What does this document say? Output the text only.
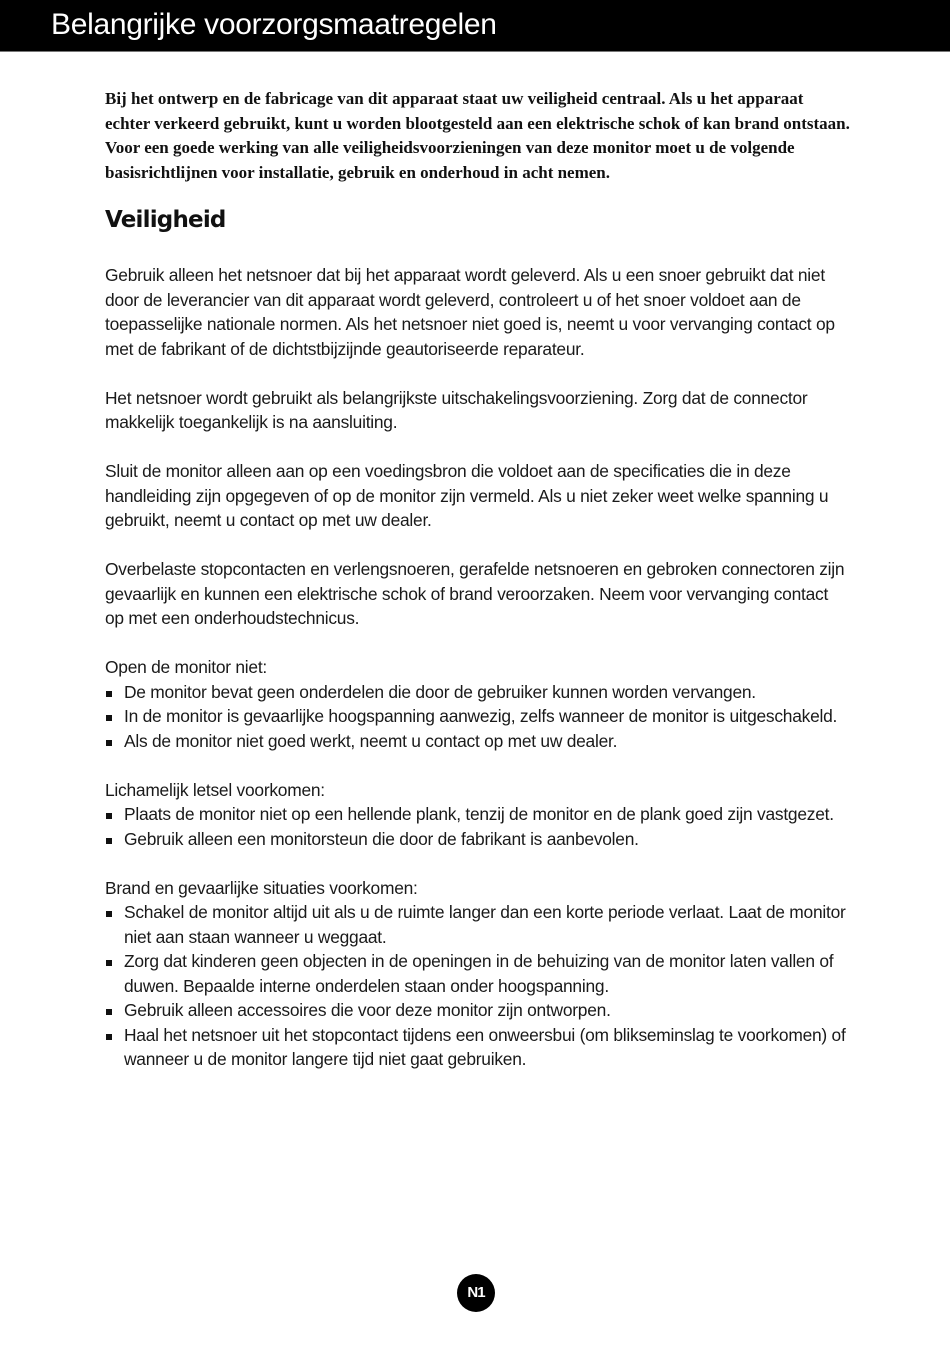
Belangrijke voorzorgsmaatregelen

Bij het ontwerp en de fabricage van dit apparaat staat uw veiligheid centraal. Als u het apparaat echter verkeerd gebruikt, kunt u worden blootgesteld aan een elektrische schok of kan brand ontstaan. Voor een goede werking van alle veiligheidsvoorzieningen van deze monitor moet u de volgende basisrichtlijnen voor installatie, gebruik en onderhoud in acht nemen.

Veiligheid

Gebruik alleen het netsnoer dat bij het apparaat wordt geleverd. Als u een snoer gebruikt dat niet door de leverancier van dit apparaat wordt geleverd, controleert u of het snoer voldoet aan de toepasselijke nationale normen. Als het netsnoer niet goed is, neemt u voor vervanging contact op met de fabrikant of de dichtstbijzijnde geautoriseerde reparateur.

Het netsnoer wordt gebruikt als belangrijkste uitschakelingsvoorziening. Zorg dat de connector makkelijk toegankelijk is na aansluiting.

Sluit de monitor alleen aan op een voedingsbron die voldoet aan de specificaties die in deze handleiding zijn opgegeven of op de monitor zijn vermeld. Als u niet zeker weet welke spanning u gebruikt, neemt u contact op met uw dealer.

Overbelaste stopcontacten en verlengsnoeren, gerafelde netsnoeren en gebroken connectoren zijn gevaarlijk en kunnen een elektrische schok of brand veroorzaken. Neem voor vervanging contact op met een onderhoudstechnicus.

Open de monitor niet:

De monitor bevat geen onderdelen die door de gebruiker kunnen worden vervangen.
In de monitor is gevaarlijke hoogspanning aanwezig, zelfs wanneer de monitor is uitgeschakeld.
Als de monitor niet goed werkt, neemt u contact op met uw dealer.

Lichamelijk letsel voorkomen:

Plaats de monitor niet op een hellende plank, tenzij de monitor en de plank goed zijn vastgezet.
Gebruik alleen een monitorsteun die door de fabrikant is aanbevolen.

Brand en gevaarlijke situaties voorkomen:

Schakel de monitor altijd uit als u de ruimte langer dan een korte periode verlaat. Laat de monitor niet aan staan wanneer u weggaat.
Zorg dat kinderen geen objecten in de openingen in de behuizing van de monitor laten vallen of duwen. Bepaalde interne onderdelen staan onder hoogspanning.
Gebruik alleen accessoires die voor deze monitor zijn ontworpen.
Haal het netsnoer uit het stopcontact tijdens een onweersbui (om blikseminslag te voorkomen) of wanneer u de monitor langere tijd niet gaat gebruiken.
N1
